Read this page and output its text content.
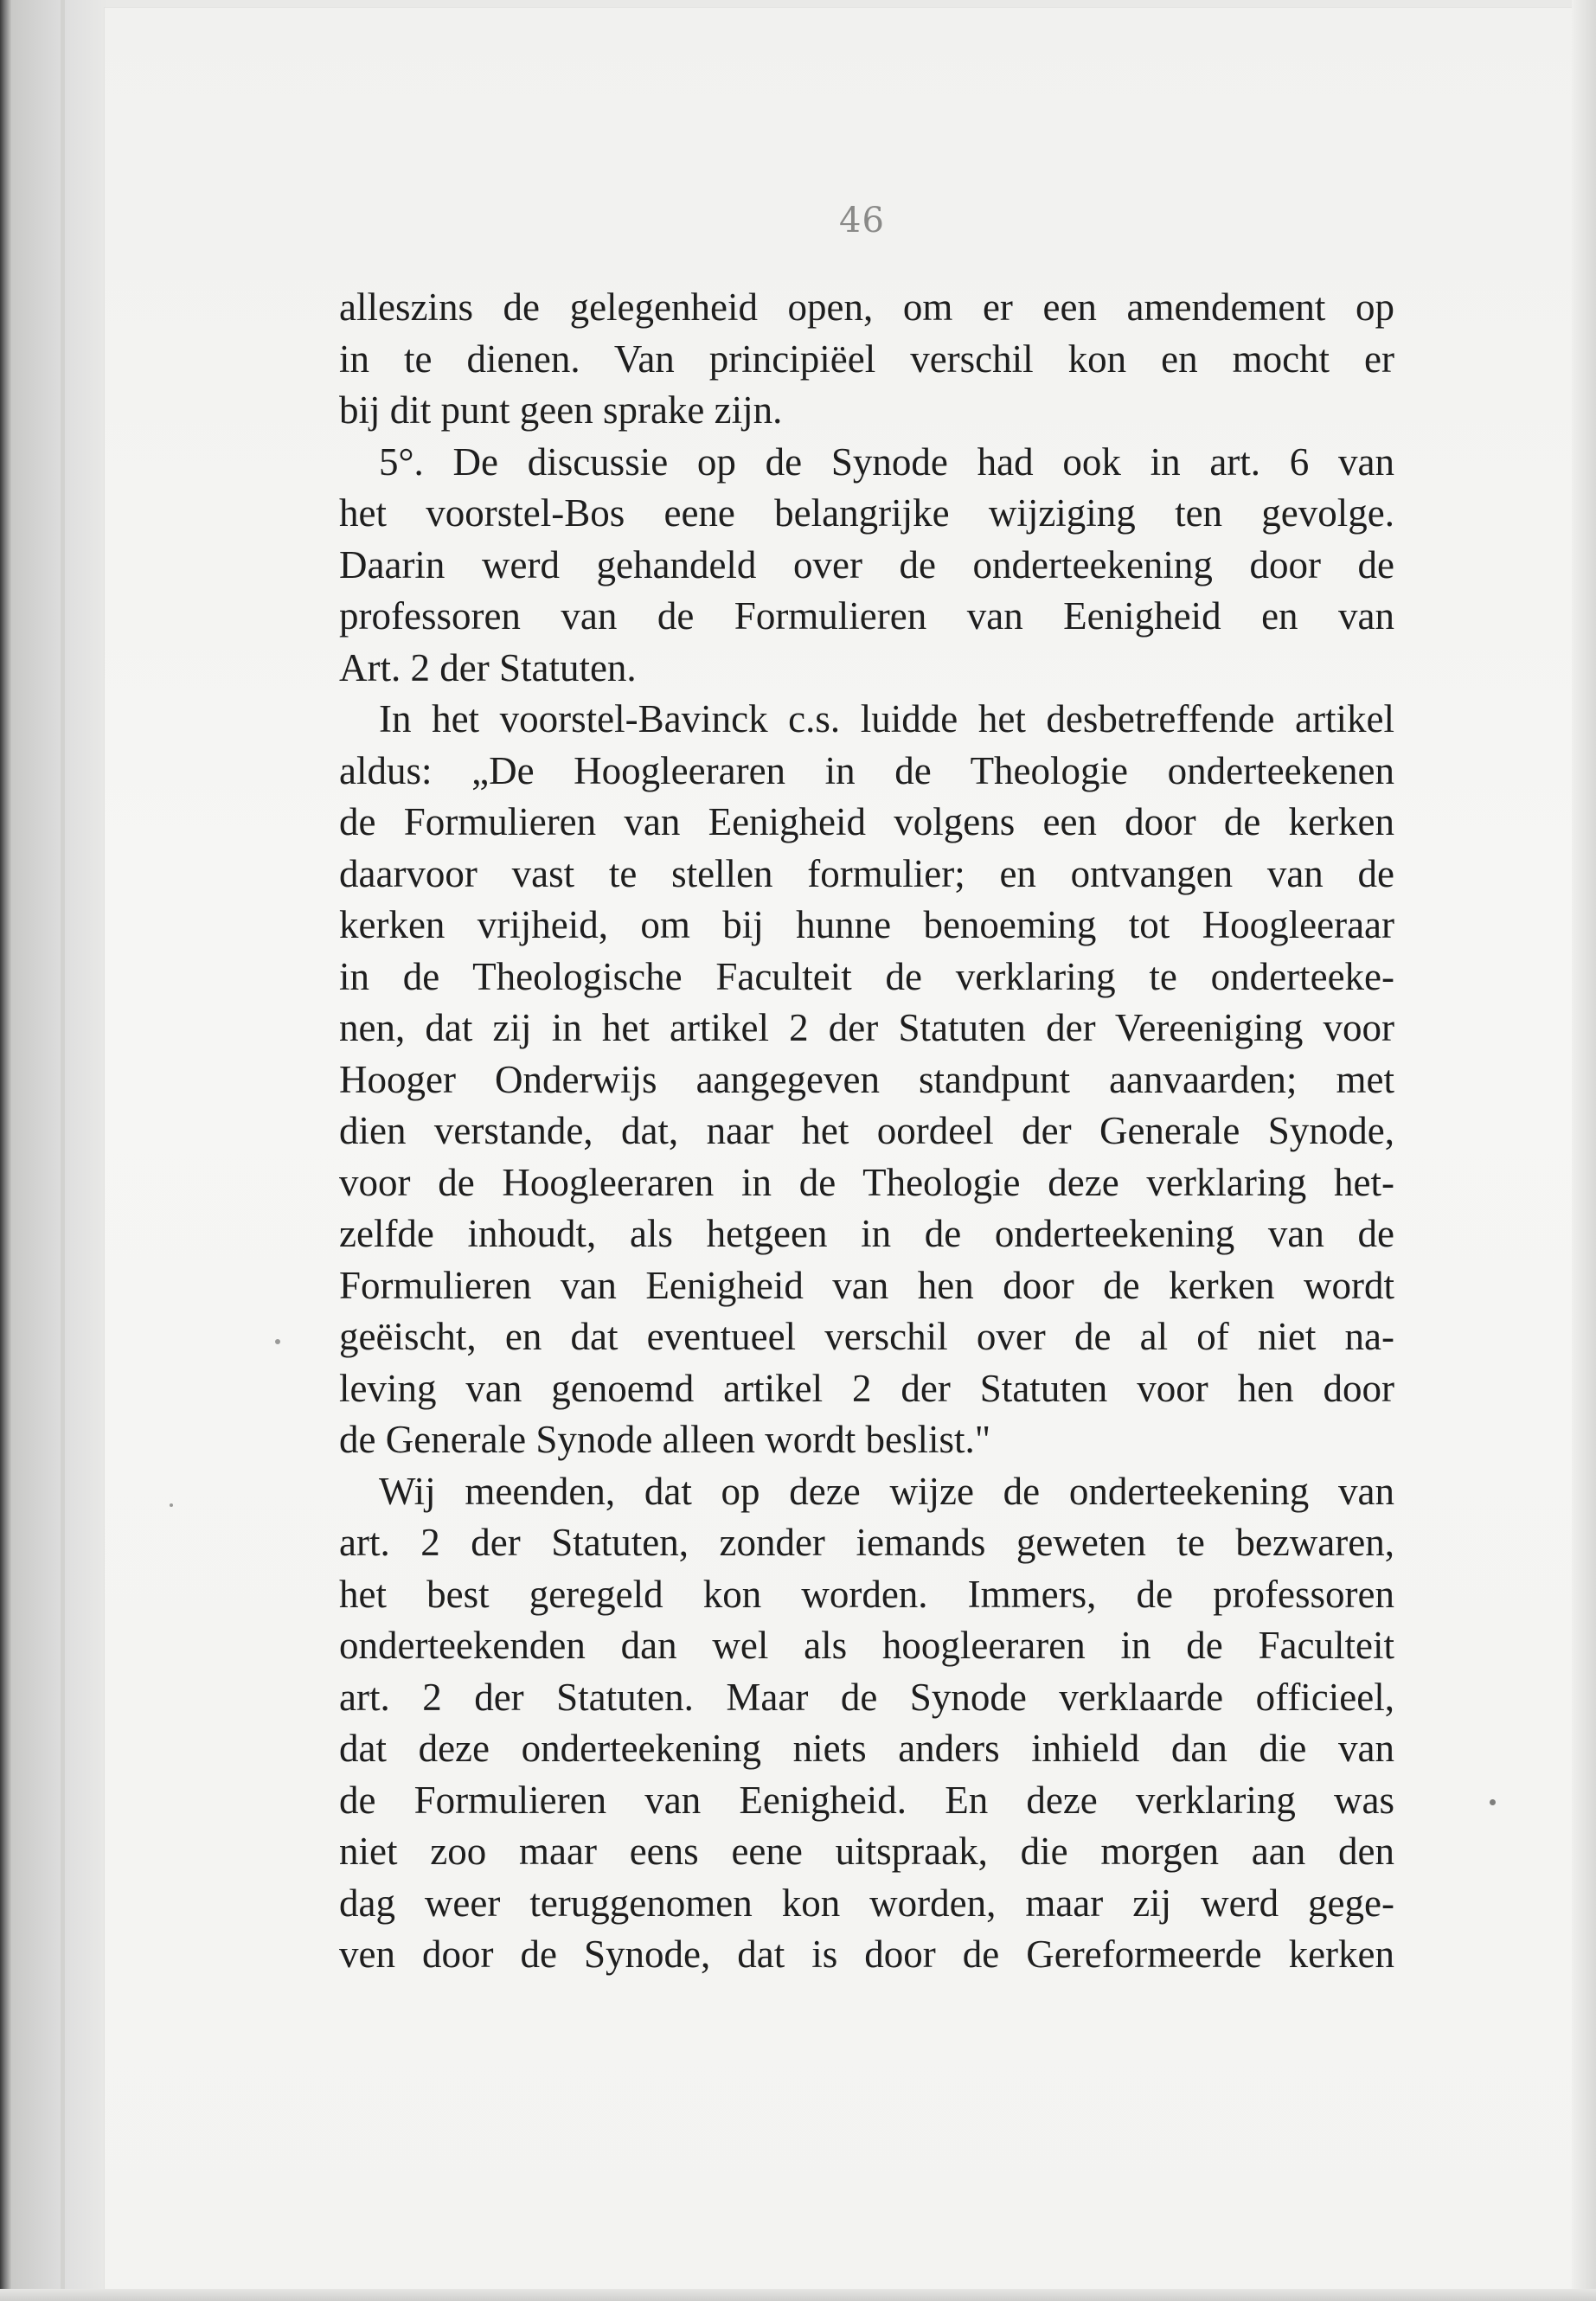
46
alleszins de gelegenheid open, om er een amendement op
in te dienen. Van principiëel verschil kon en mocht er
bij dit punt geen sprake zijn.
5°. De discussie op de Synode had ook in art. 6 van
het voorstel-Bos eene belangrijke wijziging ten gevolge.
Daarin werd gehandeld over de onderteekening door de
professoren van de Formulieren van Eenigheid en van
Art. 2 der Statuten.
In het voorstel-Bavinck c.s. luidde het desbetreffende artikel
aldus: „De Hoogleeraren in de Theologie onderteekenen
de Formulieren van Eenigheid volgens een door de kerken
daarvoor vast te stellen formulier; en ontvangen van de
kerken vrijheid, om bij hunne benoeming tot Hoogleeraar
in de Theologische Faculteit de verklaring te onderteeke-
nen, dat zij in het artikel 2 der Statuten der Vereeniging voor
Hooger Onderwijs aangegeven standpunt aanvaarden; met
dien verstande, dat, naar het oordeel der Generale Synode,
voor de Hoogleeraren in de Theologie deze verklaring het-
zelfde inhoudt, als hetgeen in de onderteekening van de
Formulieren van Eenigheid van hen door de kerken wordt
geëischt, en dat eventueel verschil over de al of niet na-
leving van genoemd artikel 2 der Statuten voor hen door
de Generale Synode alleen wordt beslist."
Wij meenden, dat op deze wijze de onderteekening van
art. 2 der Statuten, zonder iemands geweten te bezwaren,
het best geregeld kon worden. Immers, de professoren
onderteekenden dan wel als hoogleeraren in de Faculteit
art. 2 der Statuten. Maar de Synode verklaarde officieel,
dat deze onderteekening niets anders inhield dan die van
de Formulieren van Eenigheid. En deze verklaring was
niet zoo maar eens eene uitspraak, die morgen aan den
dag weer teruggenomen kon worden, maar zij werd gege-
ven door de Synode, dat is door de Gereformeerde kerken
